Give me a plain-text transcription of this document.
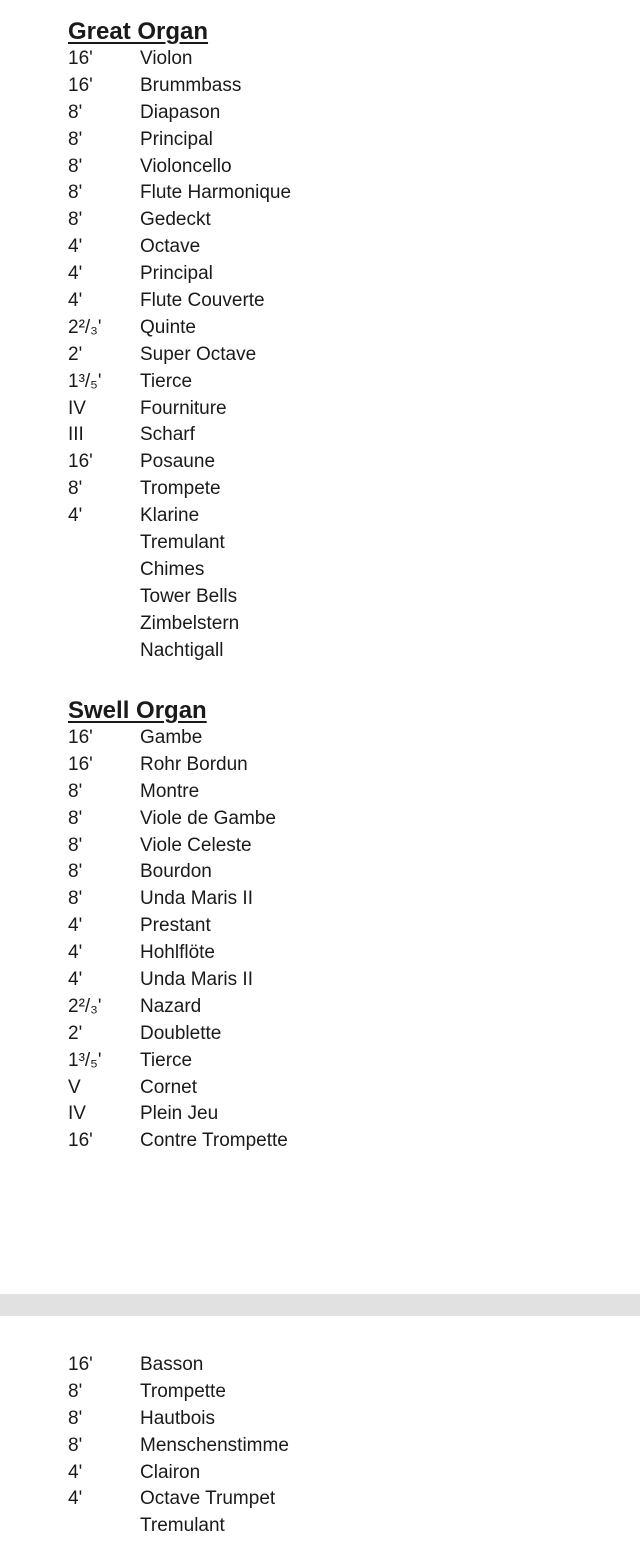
Great Organ
16'	Violon
16'	Brummbass
8'	Diapason
8'	Principal
8'	Violoncello
8'	Flute Harmonique
8'	Gedeckt
4'	Octave
4'	Principal
4'	Flute Couverte
2²/₃'	Quinte
2'	Super Octave
1³/₅'	Tierce
IV	Fourniture
III	Scharf
16'	Posaune
8'	Trompete
4'	Klarine
Tremulant
Chimes
Tower Bells
Zimbelstern
Nachtigall
Swell Organ
16'	Gambe
16'	Rohr Bordun
8'	Montre
8'	Viole de Gambe
8'	Viole Celeste
8'	Bourdon
8'	Unda Maris II
4'	Prestant
4'	Hohlflöte
4'	Unda Maris II
2²/₃'	Nazard
2'	Doublette
1³/₅'	Tierce
V	Cornet
IV	Plein Jeu
16'	Contre Trompette
16'	Basson
8'	Trompette
8'	Hautbois
8'	Menschenstimme
4'	Clairon
4'	Octave Trumpet
Tremulant
